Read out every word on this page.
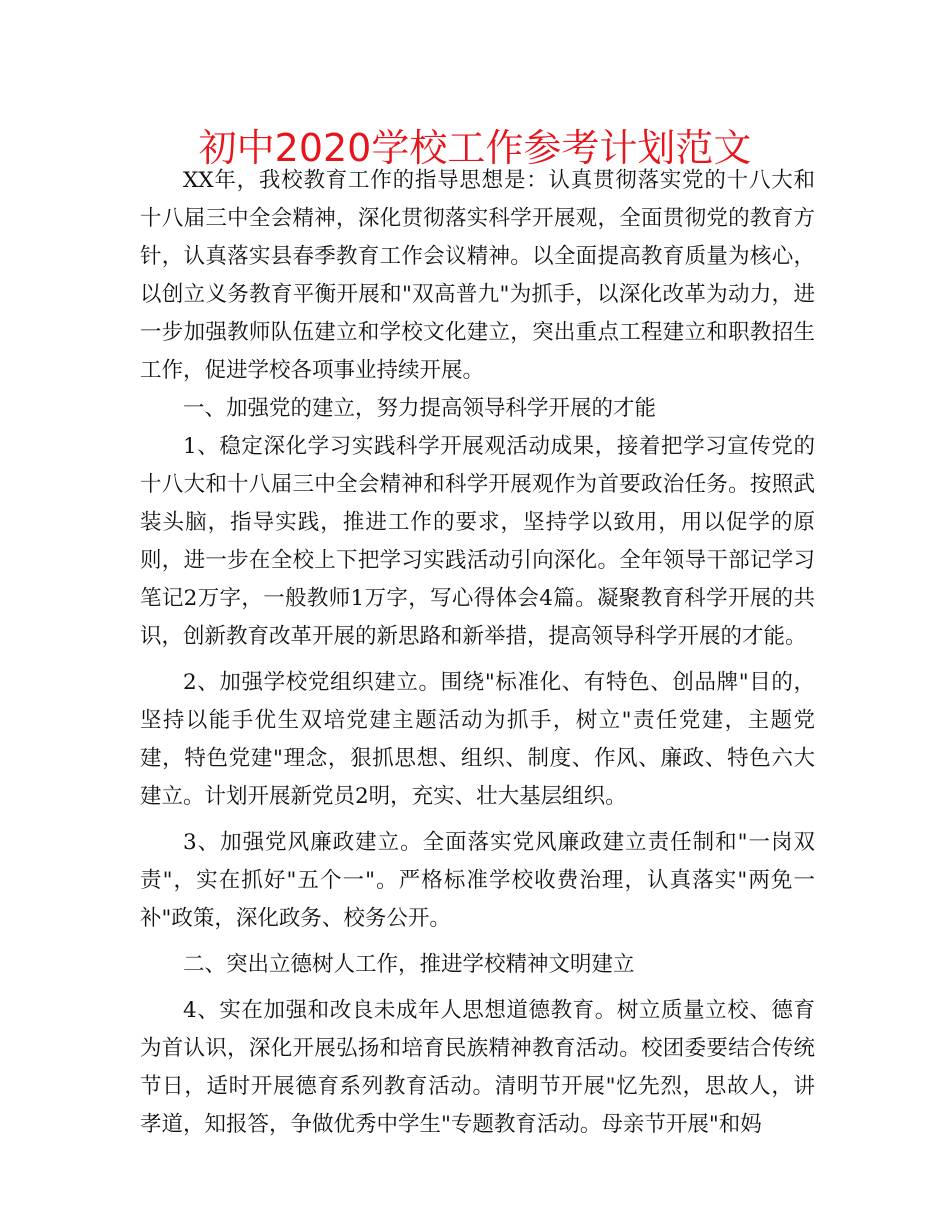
初中2020学校工作参考计划范文

XX年，我校教育工作的指导思想是：认真贯彻落实党的十八大和十八届三中全会精神，深化贯彻落实科学开展观，全面贯彻党的教育方针，认真落实县春季教育工作会议精神。以全面提高教育质量为核心，以创立义务教育平衡开展和"双高普九"为抓手，以深化改革为动力，进一步加强教师队伍建立和学校文化建立，突出重点工程建立和职教招生工作，促进学校各项事业持续开展。

一、加强党的建立，努力提高领导科学开展的才能

1、稳定深化学习实践科学开展观活动成果，接着把学习宣传党的十八大和十八届三中全会精神和科学开展观作为首要政治任务。按照武装头脑，指导实践，推进工作的要求，坚持学以致用，用以促学的原则，进一步在全校上下把学习实践活动引向深化。全年领导干部记学习笔记2万字，一般教师1万字，写心得体会4篇。凝聚教育科学开展的共识，创新教育改革开展的新思路和新举措，提高领导科学开展的才能。

2、加强学校党组织建立。围绕"标准化、有特色、创品牌"目的，坚持以能手优生双培党建主题活动为抓手，树立"责任党建，主题党建，特色党建"理念，狠抓思想、组织、制度、作风、廉政、特色六大建立。计划开展新党员2明，充实、壮大基层组织。

3、加强党风廉政建立。全面落实党风廉政建立责任制和"一岗双责"，实在抓好"五个一"。严格标准学校收费治理，认真落实"两免一补"政策，深化政务、校务公开。

二、突出立德树人工作，推进学校精神文明建立

4、实在加强和改良未成年人思想道德教育。树立质量立校、德育为首认识，深化开展弘扬和培育民族精神教育活动。校团委要结合传统节日，适时开展德育系列教育活动。清明节开展"忆先烈，思故人，讲孝道，知报答，争做优秀中学生"专题教育活动。母亲节开展"和妈
